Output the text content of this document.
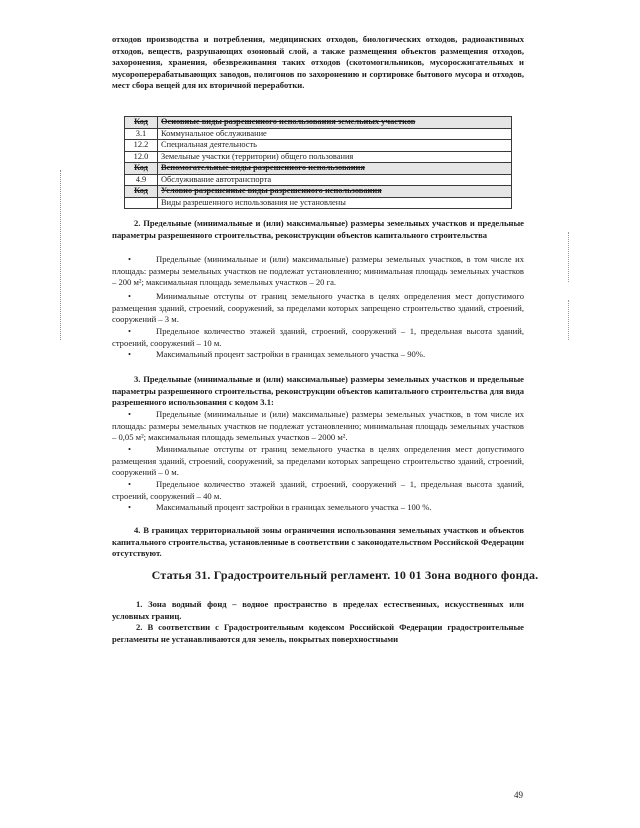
отходов производства и потребления, медицинских отходов, биологических отходов, радиоактивных отходов, веществ, разрушающих озоновый слой, а также размещения объектов размещения отходов, захоронения, хранения, обезвреживания таких отходов (скотомогильников, мусоросжигательных и мусороперерабатывающих заводов, полигонов по захоронению и сортировке бытового мусора и отходов, мест сбора вещей для их вторичной переработки.

Код	Основные виды разрешенного использования земельных участков
3.1	Коммунальное обслуживание
12.2	Специальная деятельность
12.0	Земельные участки (территории) общего пользования
Код	Вспомогательные виды разрешенного использования
4.9	Обслуживание автотранспорта
Код	Условно разрешенные виды разрешенного использования
	Виды разрешенного использования не установлены

2. Предельные (минимальные и (или) максимальные) размеры земельных участков и предельные параметры разрешенного строительства, реконструкции объектов капитального строительства

•	Предельные (минимальные и (или) максимальные) размеры земельных участков, в том числе их площадь: размеры земельных участков не подлежат установлению; минимальная площадь земельных участков – 200 м²; максимальная площадь земельных участков – 20 га.

•	Минимальные отступы от границ земельного участка в целях определения мест допустимого размещения зданий, строений, сооружений, за пределами которых запрещено строительство зданий, строений, сооружений – 3 м.

•	Предельное количество этажей зданий, строений, сооружений – 1, предельная высота зданий, строений, сооружений – 10 м.

•	Максимальный процент застройки в границах земельного участка – 90%.

3. Предельные (минимальные и (или) максимальные) размеры земельных участков и предельные параметры разрешенного строительства, реконструкции объектов капитального строительства для вида разрешенного использования с кодом 3.1:

•	Предельные (минимальные и (или) максимальные) размеры земельных участков, в том числе их площадь: размеры земельных участков не подлежат установлению; минимальная площадь земельных участков – 0,05 м²; максимальная площадь земельных участков – 2000 м².

•	Минимальные отступы от границ земельного участка в целях определения мест допустимого размещения зданий, строений, сооружений, за пределами которых запрещено строительство зданий, строений, сооружений – 0 м.

•	Предельное количество этажей зданий, строений, сооружений – 1, предельная высота зданий, строений, сооружений – 40 м.

•	Максимальный процент застройки в границах земельного участка – 100 %.

4. В границах территориальной зоны ограничения использования земельных участков и объектов капитального строительства, установленные в соответствии с законодательством Российской Федерации отсутствуют.

Статья 31. Градостроительный регламент. 10 01 Зона водного фонда.

1. Зона водный фонд – водное пространство в пределах естественных, искусственных или условных границ.

2. В соответствии с Градостроительным кодексом Российской Федерации градостроительные регламенты не устанавливаются для земель, покрытых поверхностными

49
